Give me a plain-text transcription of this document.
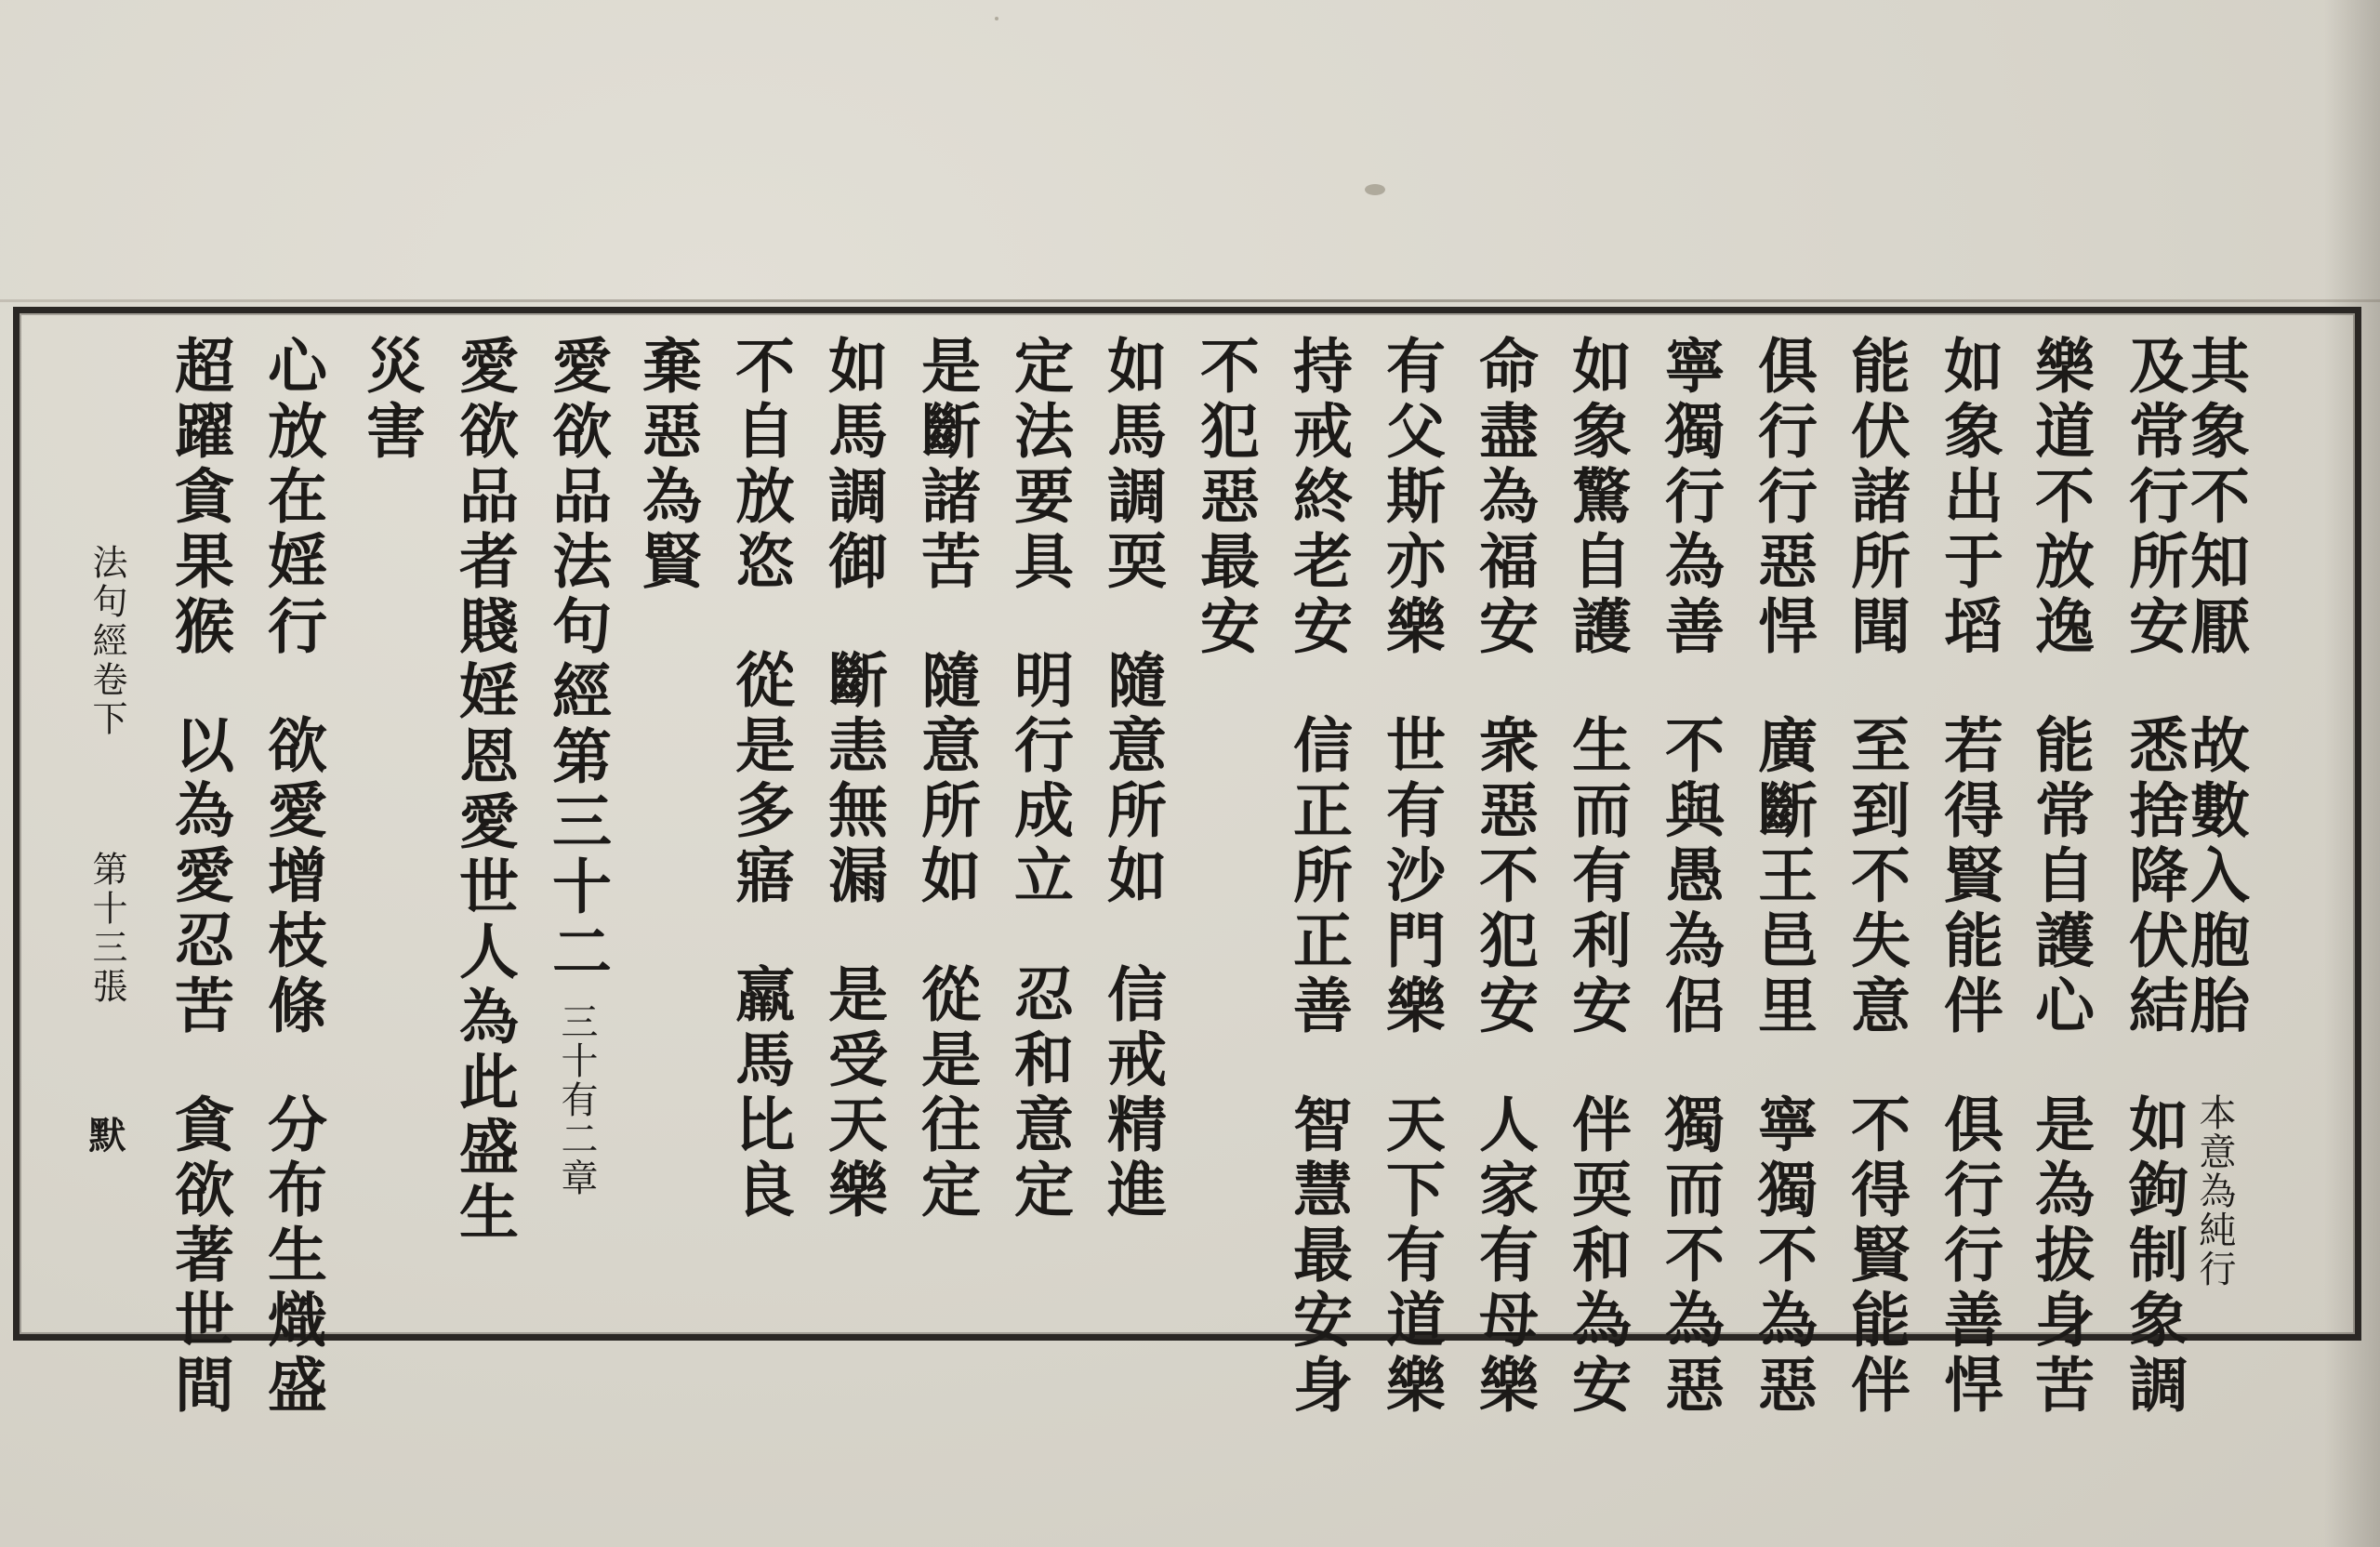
其象不知厭故數入胞胎本意為純行
及常行所安悉捨降伏結如鉤制象調
樂道不放逸能常自護心是為拔身苦
如象出于塪若得賢能伴俱行行善悍
能伏諸所聞至到不失意不得賢能伴
俱行行惡悍廣斷王邑里寧獨不為惡
寧獨行為善不與愚為侶獨而不為惡
如象驚自護生而有利安伴耎和為安
命盡為福安衆惡不犯安人家有母樂
有父斯亦樂世有沙門樂天下有道樂
持戒終老安信正所正善智慧最安身
不犯惡最安
如馬調耎隨意所如信戒精進
定法要具明行成立忍和意定
是斷諸苦隨意所如從是往定
如馬調御斷恚無漏是受天樂
不自放恣從是多寤羸馬比良
棄惡為賢
愛欲品法句經第三十二三十有二章
愛欲品者賤婬恩愛世人為此盛生
災害
心放在婬行欲愛增枝條分布生熾盛
超躍貪果猴以為愛忍苦貪欲著世間
法句經卷下
第十三張
默
